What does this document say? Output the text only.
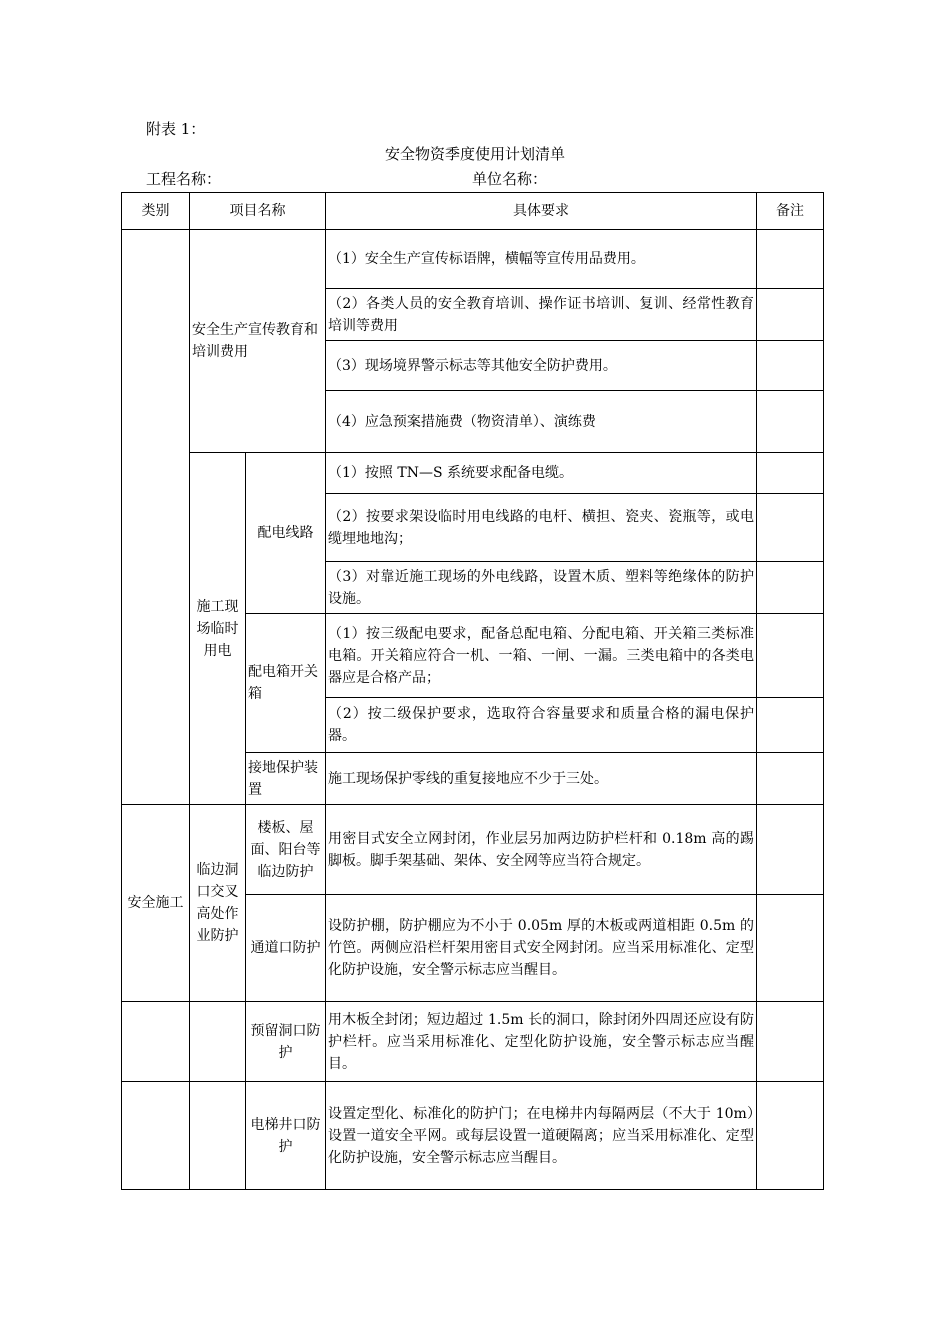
附表 1：
安全物资季度使用计划清单
工程名称：	单位名称：
类别	项目名称		具体要求	备注
	安全生产宣传教育和培训费用		（1）安全生产宣传标语牌，横幅等宣传用品费用。	
			（2）各类人员的安全教育培训、操作证书培训、复训、经常性教育培训等费用	
			（3）现场境界警示标志等其他安全防护费用。	
			（4）应急预案措施费（物资清单）、演练费	
	施工现场临时用电	配电线路	（1）按照 TN—S 系统要求配备电缆。	
			（2）按要求架设临时用电线路的电杆、横担、瓷夹、瓷瓶等，或电缆埋地地沟；	
			（3）对靠近施工现场的外电线路，设置木质、塑料等绝缘体的防护设施。	
		配电箱开关箱	（1）按三级配电要求，配备总配电箱、分配电箱、开关箱三类标准电箱。开关箱应符合一机、一箱、一闸、一漏。三类电箱中的各类电器应是合格产品；	
			（2）按二级保护要求，选取符合容量要求和质量合格的漏电保护器。	
		接地保护装置	施工现场保护零线的重复接地应不少于三处。	
安全施工	临边洞口交叉高处作业防护	楼板、屋面、阳台等临边防护	用密目式安全立网封闭，作业层另加两边防护栏杆和 0.18m 高的踢脚板。脚手架基础、架体、安全网等应当符合规定。	
		通道口防护	设防护棚，防护棚应为不小于 0.05m 厚的木板或两道相距 0.5m 的竹笆。两侧应沿栏杆架用密目式安全网封闭。应当采用标准化、定型化防护设施，安全警示标志应当醒目。	
		预留洞口防护	用木板全封闭；短边超过 1.5m 长的洞口，除封闭外四周还应设有防护栏杆。应当采用标准化、定型化防护设施，安全警示标志应当醒目。	
		电梯井口防护	设置定型化、标准化的防护门；在电梯井内每隔两层（不大于 10m）设置一道安全平网。或每层设置一道硬隔离；应当采用标准化、定型化防护设施，安全警示标志应当醒目。	
